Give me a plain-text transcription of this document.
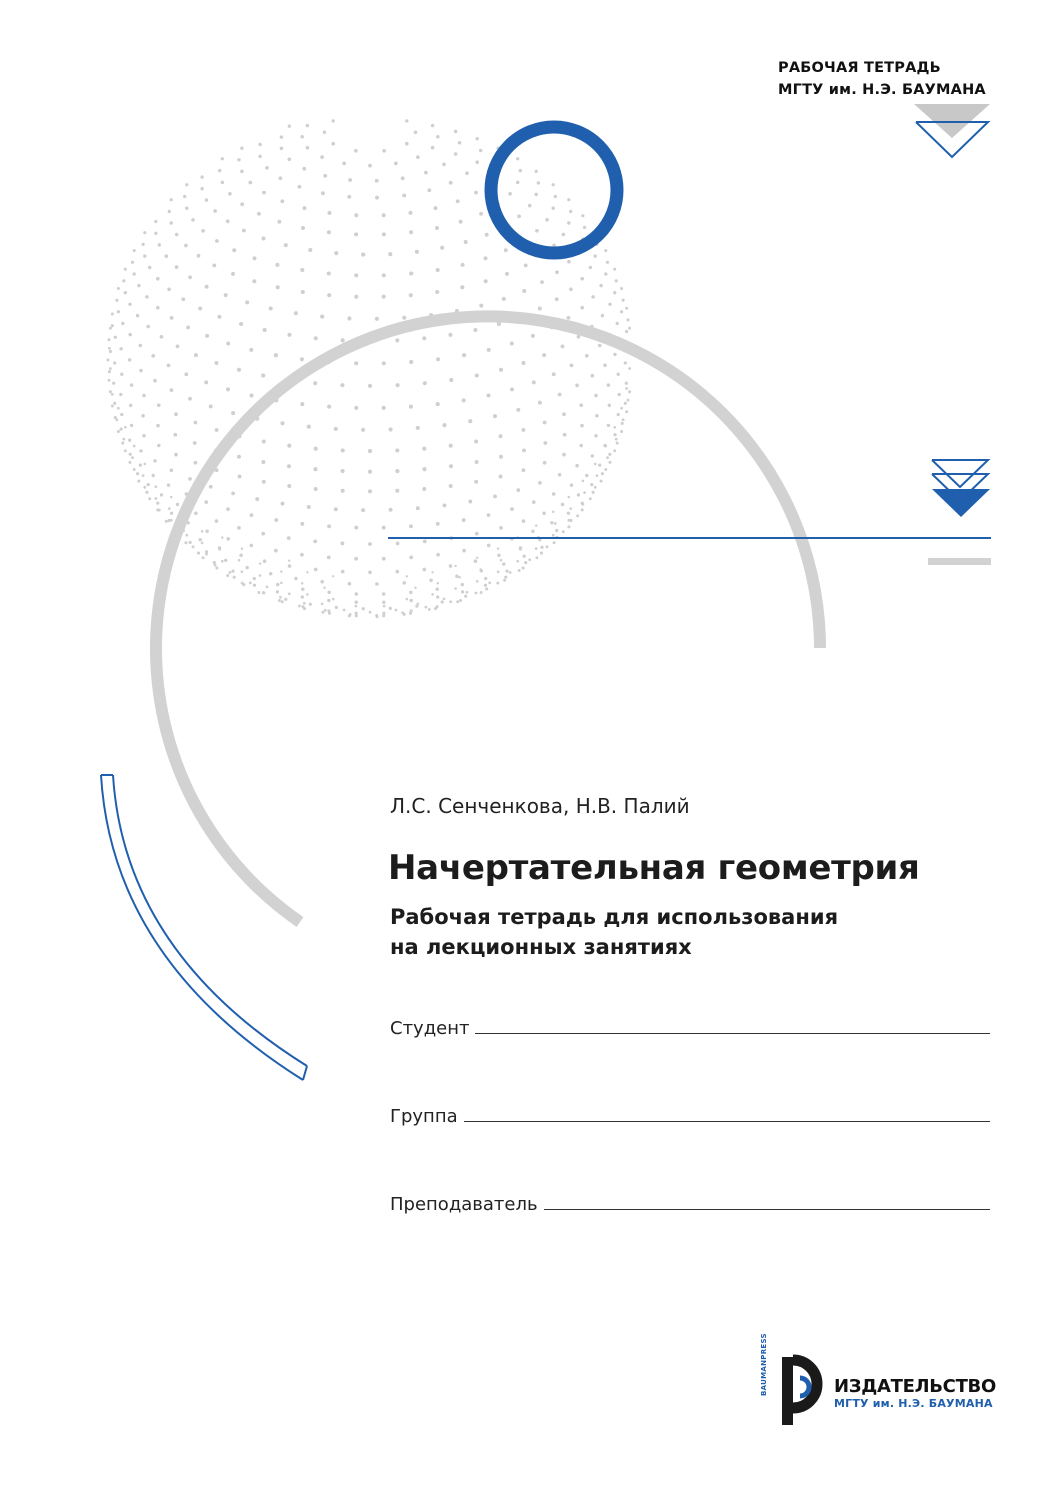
РАБОЧАЯ ТЕТРАДЬ
МГТУ им. Н.Э. БАУМАНА
Л.С. Сенченкова, Н.В. Палий
Начертательная геометрия
Рабочая тетрадь для использования
на лекционных занятиях
Студент
Группа
Преподаватель
BAUMANPRESS	ИЗДАТЕЛЬСТВО
МГТУ им. Н.Э. БАУМАНА
